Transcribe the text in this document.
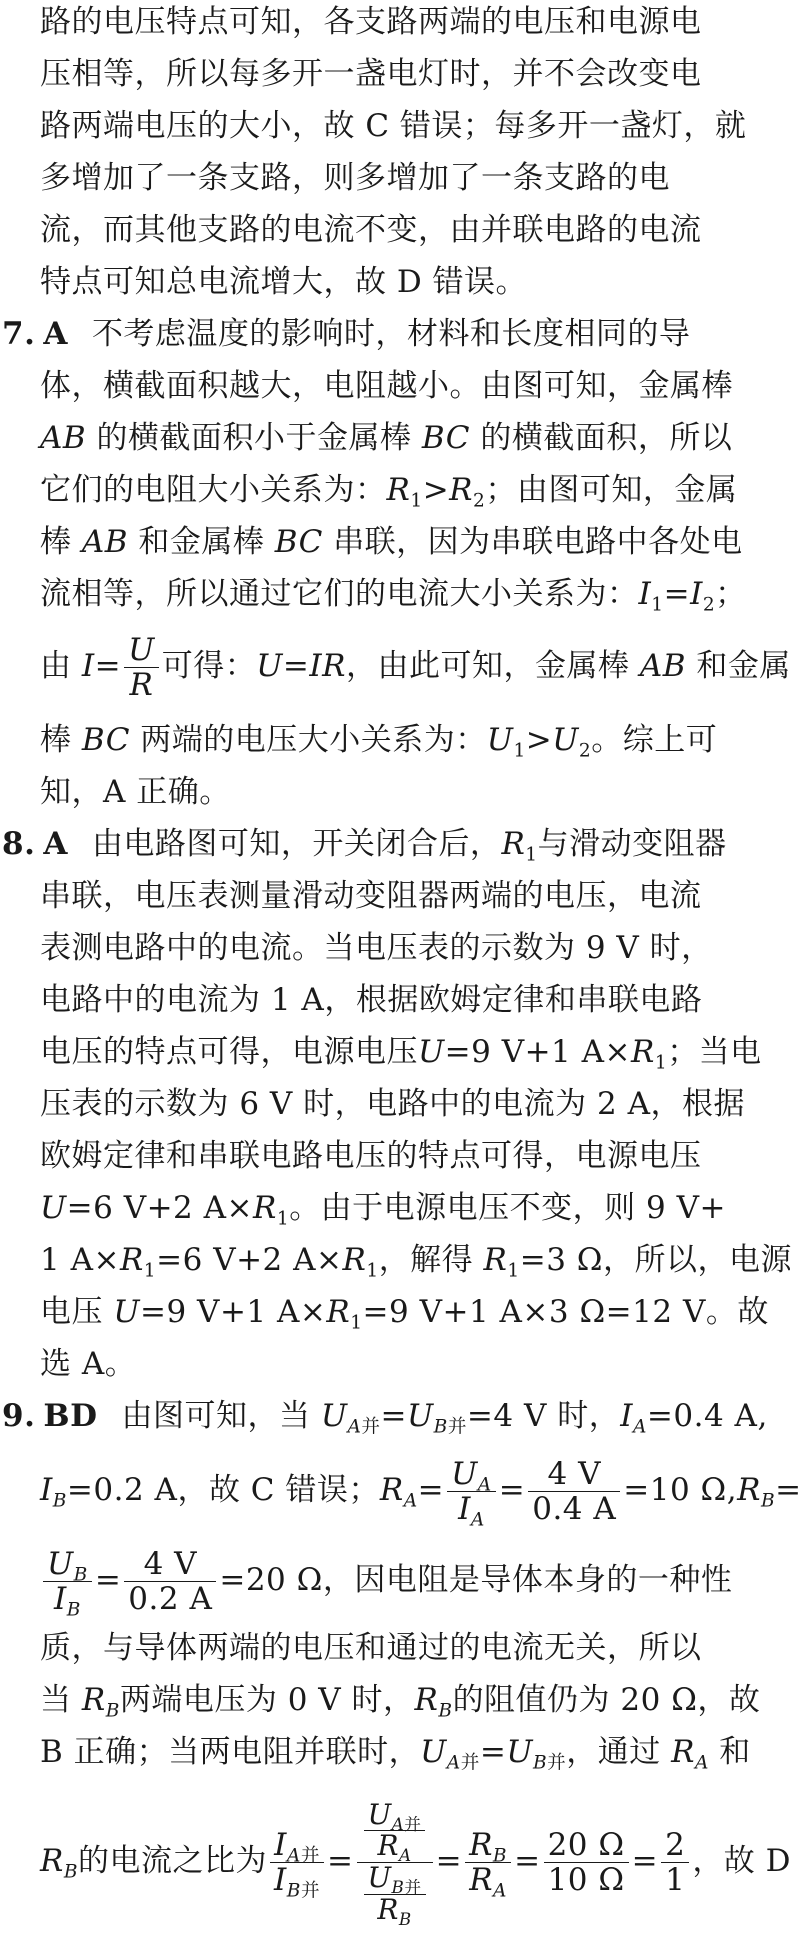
路的电压特点可知，各支路两端的电压和电源电
压相等，所以每多开一盏电灯时，并不会改变电
路两端电压的大小，故 C 错误；每多开一盏灯，就
多增加了一条支路，则多增加了一条支路的电
流，而其他支路的电流不变，由并联电路的电流
特点可知总电流增大，故 D 错误。
7. A 不考虑温度的影响时，材料和长度相同的导
体，横截面积越大，电阻越小。由图可知，金属棒
AB 的横截面积小于金属棒 BC 的横截面积，所以
它们的电阻大小关系为：$R_1>R_2$；由图可知，金属
棒 AB 和金属棒 BC 串联，因为串联电路中各处电
流相等，所以通过它们的电流大小关系为：$I_1=I_2$；
由 $I= \frac{U}{R}$ 可得：U=IR，由此可知，金属棒 AB 和金属
棒 BC 两端的电压大小关系为：$U_1>U_2$。综上可
知，A 正确。
8. A 由电路图可知，开关闭合后，$R_1$与滑动变阻器
串联，电压表测量滑动变阻器两端的电压，电流
表测电路中的电流。当电压表的示数为 9 V 时，
电路中的电流为 1 A，根据欧姆定律和串联电路
电压的特点可得，电源电压U=9 V+1 $A\times R_1$；当电
压表的示数为 6 V 时，电路中的电流为 2 A，根据
欧姆定律和串联电路电压的特点可得，电源电压
U=6 V+2 $A\times R_1$。由于电源电压不变，则 9 V+
1 $A\times R_1=6$ V+2 $A\times R_1$，解得 $R_1=3$ Ω，所以，电源
电压 U=9 V+1 $A\times R_1=9$ V+1 A×3 Ω=12 V。故
选 A。
9. BD 由图可知，当 $U_{A并}=U_{B并}=4$ V 时，$I_A=0.4$ A,
$I_B=0.2$ A，故 C 错误；$R_A= \frac{U_A}{I_A} = \frac{4 V}{0.4 A} =10$ $\Omega,R_B=$
$\frac{U_B}{I_B} = \frac{4 V}{0.2 A} =20$ Ω，因电阻是导体本身的一种性
质，与导体两端的电压和通过的电流无关，所以
当 $R_B$两端电压为 0 V 时，$R_B$的阻值仍为 20 Ω，故
B 正确；当两电阻并联时，$U_{A并}=U_{B并}$，通过 $R_A$ 和
$R_B$的电流之比为 $\frac{I_{A并}}{I_{B并}} = \frac{\frac{U_{A并}}{R_A}}{\frac{U_{B并}}{R_B}} = \frac{R_B}{R_A} = \frac{20 \Omega}{10 \Omega} = \frac{2}{1}$ ，故 D
